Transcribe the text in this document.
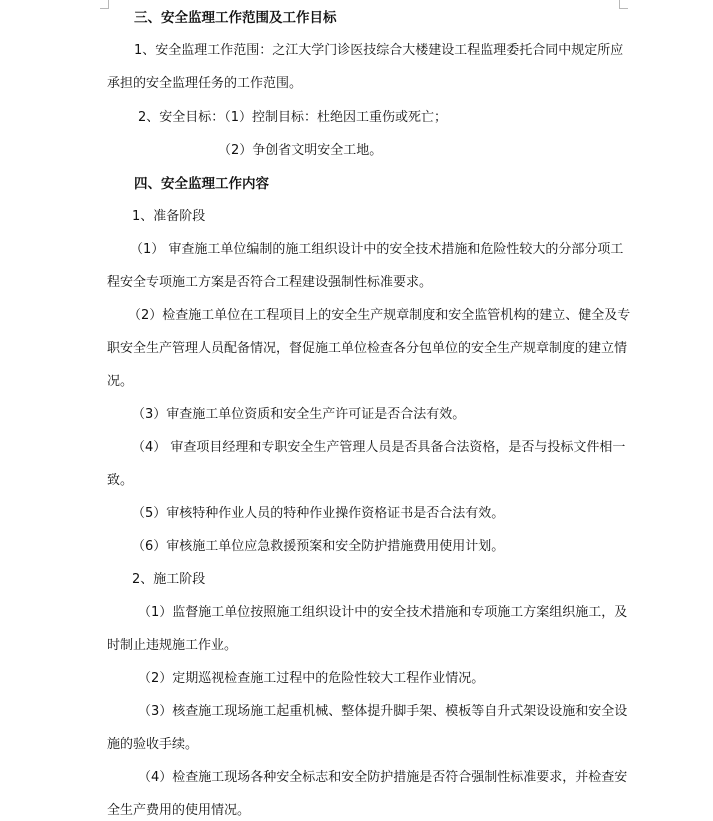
三、安全监理工作范围及工作目标
1、安全监理工作范围：之江大学门诊医技综合大楼建设工程监理委托合同中规定所应
承担的安全监理任务的工作范围。
2、安全目标：（1）控制目标：杜绝因工重伤或死亡；
（2）争创省文明安全工地。
四、安全监理工作内容
1、准备阶段
（1） 审查施工单位编制的施工组织设计中的安全技术措施和危险性较大的分部分项工
程安全专项施工方案是否符合工程建设强制性标准要求。
（2）检查施工单位在工程项目上的安全生产规章制度和安全监管机构的建立、健全及专
职安全生产管理人员配备情况，督促施工单位检查各分包单位的安全生产规章制度的建立情
况。
（3）审查施工单位资质和安全生产许可证是否合法有效。
（4） 审查项目经理和专职安全生产管理人员是否具备合法资格，是否与投标文件相一
致。
（5）审核特种作业人员的特种作业操作资格证书是否合法有效。
（6）审核施工单位应急救援预案和安全防护措施费用使用计划。
2、施工阶段
（1）监督施工单位按照施工组织设计中的安全技术措施和专项施工方案组织施工，及
时制止违规施工作业。
（2）定期巡视检查施工过程中的危险性较大工程作业情况。
（3）核查施工现场施工起重机械、整体提升脚手架、模板等自升式架设设施和安全设
施的验收手续。
（4）检查施工现场各种安全标志和安全防护措施是否符合强制性标准要求，并检查安
全生产费用的使用情况。
